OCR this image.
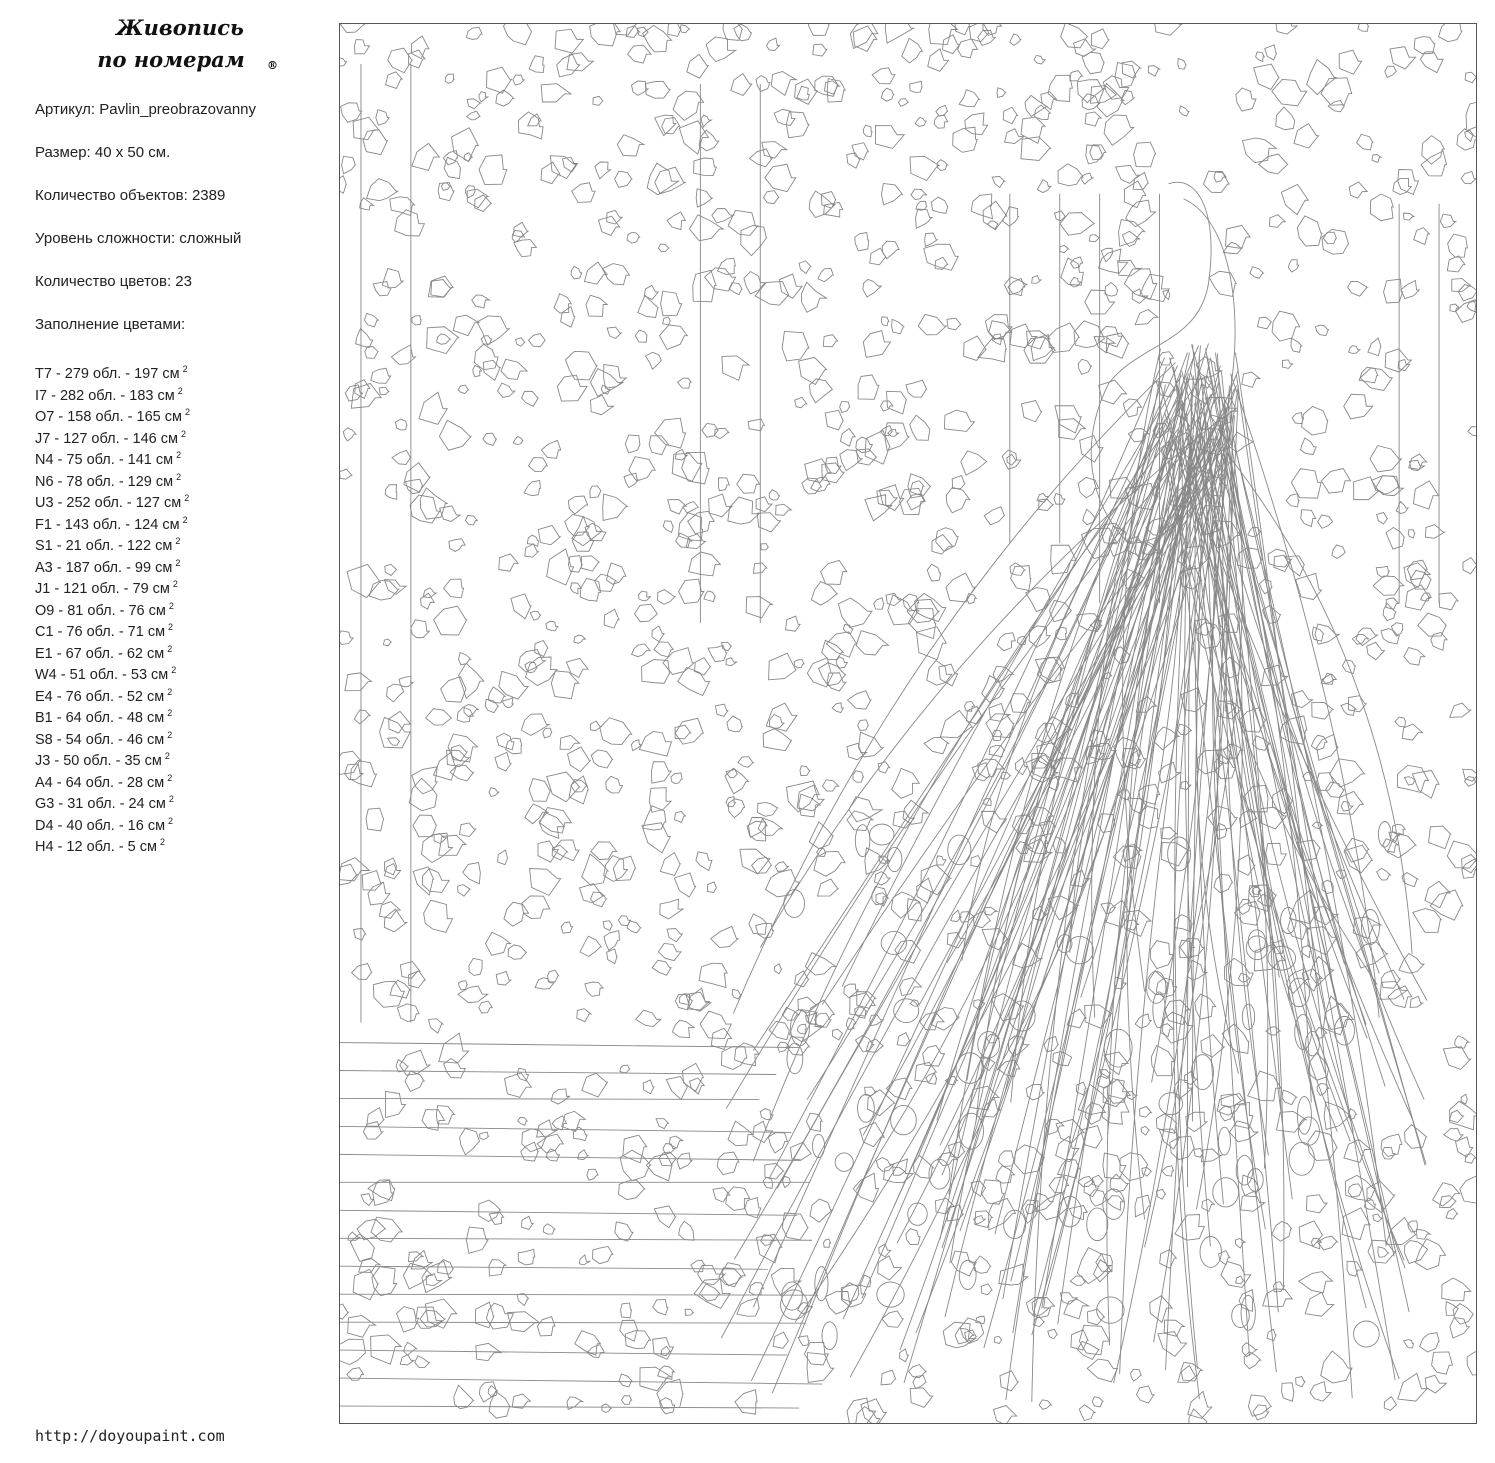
Живопись
по номерам	®
Артикул: Pavlin_preobrazovanny
Размер: 40 х 50 см.
Количество объектов: 2389
Уровень сложности: сложный
Количество цветов: 23
Заполнение цветами:
T7 - 279 обл. - 197 см $^2$
I7 - 282 обл. - 183 см $^2$
O7 - 158 обл. - 165 см $^2$
J7 - 127 обл. - 146 см $^2$
N4 - 75 обл. - 141 см $^2$
N6 - 78 обл. - 129 см $^2$
U3 - 252 обл. - 127 см $^2$
F1 - 143 обл. - 124 см $^2$
S1 - 21 обл. - 122 см $^2$
A3 - 187 обл. - 99 см $^2$
J1 - 121 обл. - 79 см $^2$
O9 - 81 обл. - 76 см $^2$
C1 - 76 обл. - 71 см $^2$
E1 - 67 обл. - 62 см $^2$
W4 - 51 обл. - 53 см $^2$
E4 - 76 обл. - 52 см $^2$
B1 - 64 обл. - 48 см $^2$
S8 - 54 обл. - 46 см $^2$
J3 - 50 обл. - 35 см $^2$
A4 - 64 обл. - 28 см $^2$
G3 - 31 обл. - 24 см $^2$
D4 - 40 обл. - 16 см $^2$
H4 - 12 обл. - 5 см $^2$
http://doyoupaint.com
